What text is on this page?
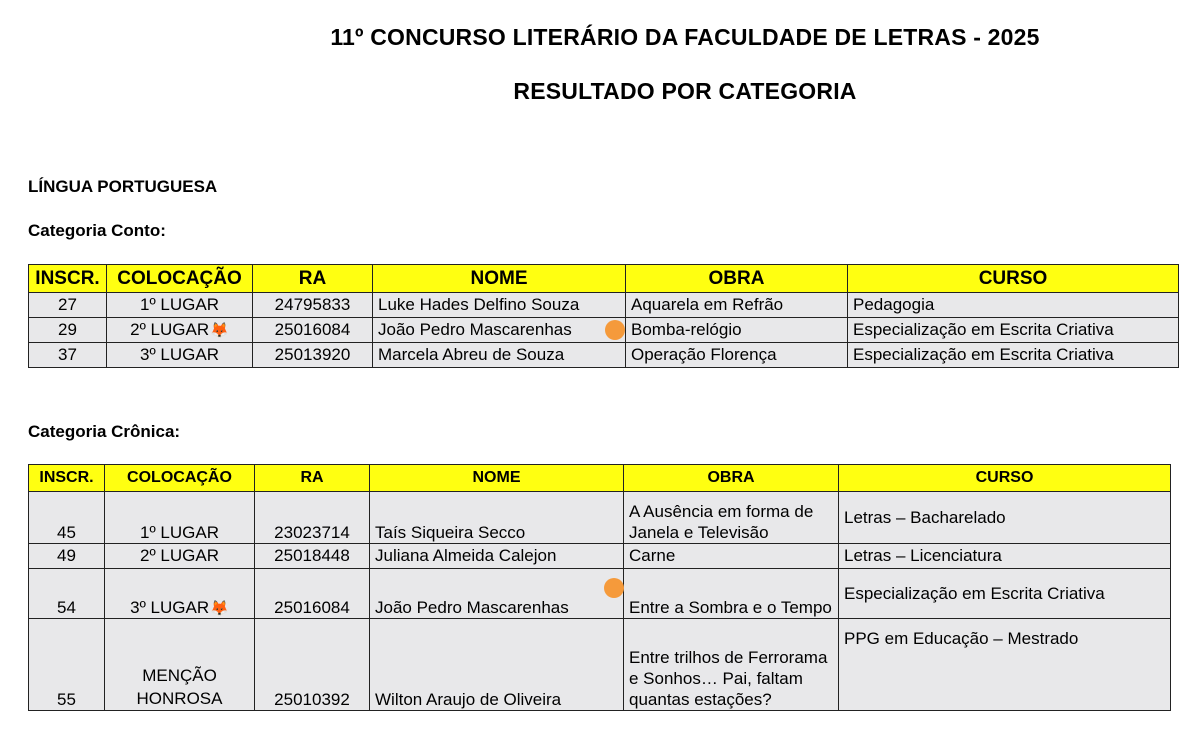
11º CONCURSO LITERÁRIO DA FACULDADE DE LETRAS - 2025
RESULTADO POR CATEGORIA
LÍNGUA PORTUGUESA
Categoria Conto:
INSCR.	COLOCAÇÃO	RA	NOME	OBRA	CURSO
27	1º LUGAR	24795833	Luke Hades Delfino Souza	Aquarela em Refrão	Pedagogia
29	2º LUGAR🦊	25016084	João Pedro Mascarenhas	Bomba-relógio	Especialização em Escrita Criativa
37	3º LUGAR	25013920	Marcela Abreu de Souza	Operação Florença	Especialização em Escrita Criativa
Categoria Crônica:
INSCR.	COLOCAÇÃO	RA	NOME	OBRA	CURSO
45	1º LUGAR	23023714	Taís Siqueira Secco	A Ausência em forma de Janela e Televisão	Letras – Bacharelado
49	2º LUGAR	25018448	Juliana Almeida Calejon	Carne	Letras – Licenciatura
54	3º LUGAR🦊	25016084	João Pedro Mascarenhas	Entre a Sombra e o Tempo	Especialização em Escrita Criativa
55	MENÇÃO HONROSA	25010392	Wilton Araujo de Oliveira	Entre trilhos de Ferrorama e Sonhos… Pai, faltam quantas estações?	PPG em Educação – Mestrado
